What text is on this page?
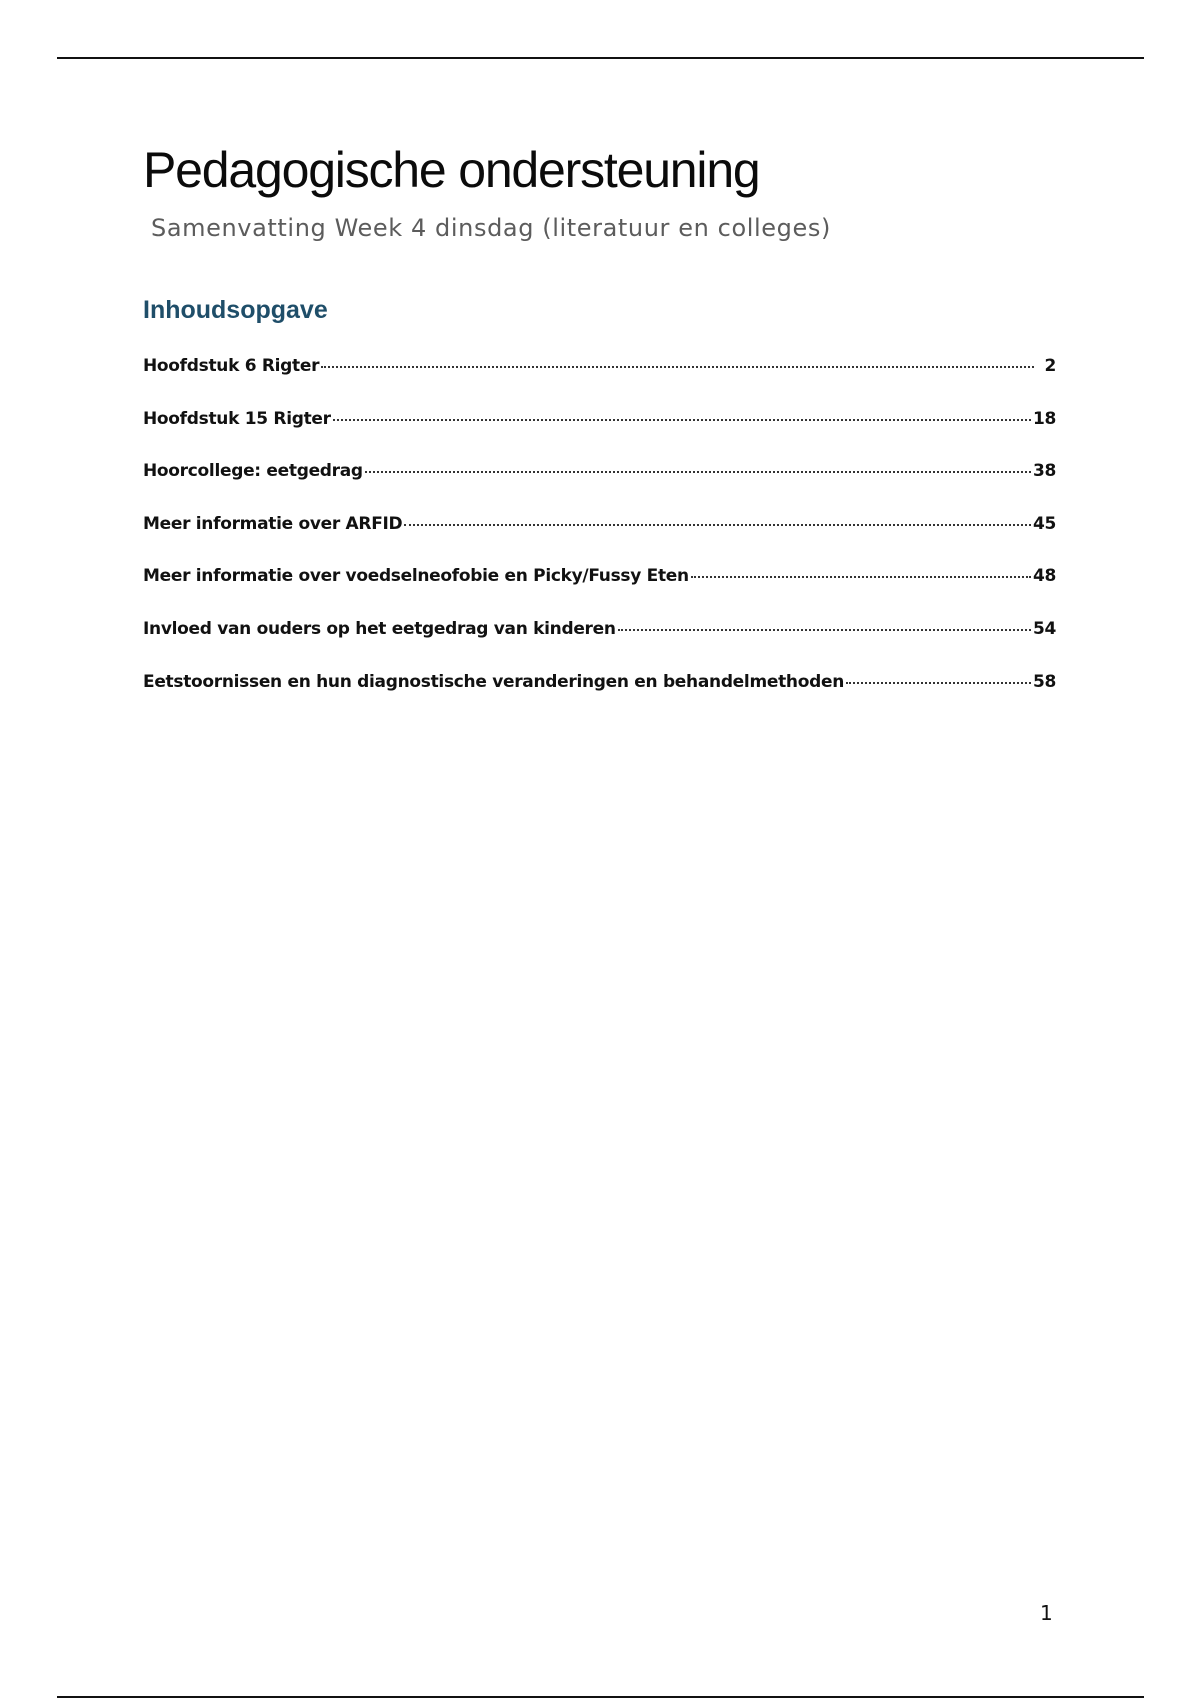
Pedagogische ondersteuning

Samenvatting Week 4 dinsdag (literatuur en colleges)

Inhoudsopgave
Hoofdstuk 6 Rigter	2
Hoofdstuk 15 Rigter	18
Hoorcollege: eetgedrag	38
Meer informatie over ARFID	45
Meer informatie over voedselneofobie en Picky/Fussy Eten	48
Invloed van ouders op het eetgedrag van kinderen	54
Eetstoornissen en hun diagnostische veranderingen en behandelmethoden	58
1
